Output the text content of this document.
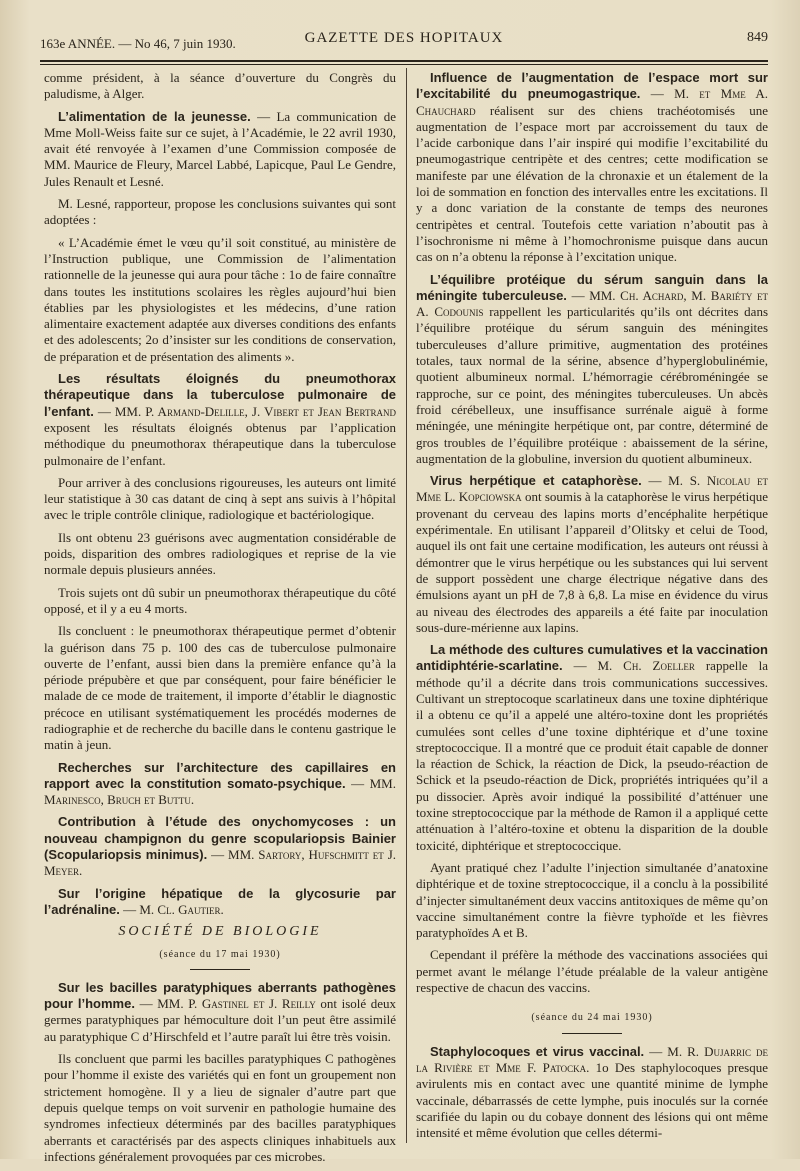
163e ANNÉE. — No 46, 7 juin 1930.	GAZETTE DES HOPITAUX	849

comme président, à la séance d’ouverture du Congrès du paludisme, à Alger.

L’alimentation de la jeunesse. — La communication de Mme Moll-Weiss faite sur ce sujet, à l’Académie, le 22 avril 1930, avait été renvoyée à l’examen d’une Commission composée de MM. Maurice de Fleury, Marcel Labbé, Lapicque, Paul Le Gendre, Jules Renault et Lesné.

M. Lesné, rapporteur, propose les conclusions suivantes qui sont adoptées :

« L’Académie émet le vœu qu’il soit constitué, au ministère de l’Instruction publique, une Commission de l’alimentation rationnelle de la jeunesse qui aura pour tâche : 1o de faire connaître dans toutes les institutions scolaires les règles aujourd’hui bien établies par les physiologistes et les médecins, d’une ration alimentaire exactement adaptée aux diverses conditions des enfants et des adolescents; 2o d’insister sur les conditions de conservation, de préparation et de présentation des aliments ».

Les résultats éloignés du pneumothorax thérapeutique dans la tuberculose pulmonaire de l’enfant. — MM. P. Armand-Delille, J. Vibert et Jean Bertrand exposent les résultats éloignés obtenus par l’application méthodique du pneumothorax thérapeutique dans la tuberculose pulmonaire de l’enfant.

Pour arriver à des conclusions rigoureuses, les auteurs ont limité leur statistique à 30 cas datant de cinq à sept ans suivis à l’hôpital avec le triple contrôle clinique, radiologique et bactériologique.

Ils ont obtenu 23 guérisons avec augmentation considérable de poids, disparition des ombres radiologiques et reprise de la vie normale depuis plusieurs années.

Trois sujets ont dû subir un pneumothorax thérapeutique du côté opposé, et il y a eu 4 morts.

Ils concluent : le pneumothorax thérapeutique permet d’obtenir la guérison dans 75 p. 100 des cas de tuberculose pulmonaire ouverte de l’enfant, aussi bien dans la première enfance qu’à la période prépubère et que par conséquent, pour faire bénéficier le malade de ce mode de traitement, il importe d’établir le diagnostic précoce en utilisant systématiquement les procédés modernes de radiographie et de recherche du bacille dans le contenu gastrique le matin à jeun.

Recherches sur l’architecture des capillaires en rapport avec la constitution somato-psychique. — MM. Marinesco, Bruch et Buttu.

Contribution à l’étude des onychomycoses : un nouveau champignon du genre scopulariopsis Bainier (Scopulariopsis minimus). — MM. Sartory, Hufschmitt et J. Meyer.

Sur l’origine hépatique de la glycosurie par l’adrénaline. — M. Cl. Gautier.

SOCIÉTÉ DE BIOLOGIE

(séance du 17 mai 1930)

Sur les bacilles paratyphiques aberrants pathogènes pour l’homme. — MM. P. Gastinel et J. Reilly ont isolé deux germes paratyphiques par hémoculture doit l’un peut être assimilé au paratyphique C d’Hirschfeld et l’autre paraît lui être très voisin.

Ils concluent que parmi les bacilles paratyphiques C pathogènes pour l’homme il existe des variétés qui en font un groupement non strictement homogène. Il y a lieu de signaler d’autre part que depuis quelque temps on voit survenir en pathologie humaine des syndromes infectieux déterminés par des bacilles paratyphiques aberrants et caractérisés par des aspects cliniques inhabituels aux infections généralement provoquées par ces microbes.

Influence de l’augmentation de l’espace mort sur l’excitabilité du pneumogastrique. — M. et Mme A. Chauchard réalisent sur des chiens trachéotomisés une augmentation de l’espace mort par accroissement du taux de l’acide carbonique dans l’air inspiré qui modifie l’excitabilité du pneumogastrique centripète et des centres; cette modification se manifeste par une élévation de la chronaxie et un étalement de la loi de sommation en fonction des intervalles entre les excitations. Il y a donc variation de la constante de temps des neurones centripètes et central. Toutefois cette variation n’aboutit pas à l’isochronisme ni même à l’homochronisme puisque dans aucun cas on n’a obtenu la réponse à l’excitation unique.

L’équilibre protéique du sérum sanguin dans la méningite tuberculeuse. — MM. Ch. Achard, M. Bariéty et A. Codounis rappellent les particularités qu’ils ont décrites dans l’équilibre protéique du sérum sanguin des méningites tuberculeuses d’allure primitive, augmentation des protéines totales, taux normal de la sérine, absence d’hyperglobulinémie, quotient albumineux normal. L’hémorragie cérébroméningée se rapproche, sur ce point, des méningites tuberculeuses. Un abcès froid cérébelleux, une insuffisance surrénale aiguë à forme méningée, une méningite herpétique ont, par contre, déterminé de gros troubles de l’équilibre protéique : abaissement de la sérine, augmentation de la globuline, inversion du quotient albumineux.

Virus herpétique et cataphorèse. — M. S. Nicolau et Mme L. Kopciowska ont soumis à la cataphorèse le virus herpétique provenant du cerveau des lapins morts d’encéphalite herpétique expérimentale. En utilisant l’appareil d’Olitsky et celui de Tood, auquel ils ont fait une certaine modification, les auteurs ont réussi à démontrer que le virus herpétique ou les substances qui lui servent de support possèdent une charge électrique négative dans des émulsions ayant un pH de 7,8 à 6,8. La mise en évidence du virus au niveau des électrodes des appareils a été faite par inoculation sous-dure-mérienne aux lapins.

La méthode des cultures cumulatives et la vaccination antidiphtérie-scarlatine. — M. Ch. Zoeller rappelle la méthode qu’il a décrite dans trois communications successives. Cultivant un streptocoque scarlatineux dans une toxine diphtérique il a obtenu ce qu’il a appelé une altéro-toxine dont les propriétés cumulées sont celles d’une toxine diphtérique et d’une toxine streptococcique. Il a montré que ce produit était capable de donner la réaction de Schick, la réaction de Dick, la pseudo-réaction de Schick et la pseudo-réaction de Dick, propriétés intriquées qu’il a pu dissocier. Après avoir indiqué la possibilité d’atténuer une toxine streptococcique par la méthode de Ramon il a appliqué cette atténuation à l’altéro-toxine et obtenu la disparition de la double toxicité, diphtérique et streptococcique.

Ayant pratiqué chez l’adulte l’injection simultanée d’anatoxine diphtérique et de toxine streptococcique, il a conclu à la possibilité d’injecter simultanément deux vaccins antitoxiques de même qu’on vaccine simultanément contre la fièvre typhoïde et les fièvres paratyphoïdes A et B.

Cependant il préfère la méthode des vaccinations associées qui permet avant le mélange l’étude préalable de la valeur antigène respective de chacun des vaccins.

(séance du 24 mai 1930)

Staphylocoques et virus vaccinal. — M. R. Dujarric de la Rivière et Mme F. Patocka. 1o Des staphylocoques presque avirulents mis en contact avec une quantité minime de lymphe vaccinale, débarrassés de cette lymphe, puis inoculés sur la cornée scarifiée du lapin ou du cobaye donnent des lésions qui ont même intensité et même évolution que celles détermi-
